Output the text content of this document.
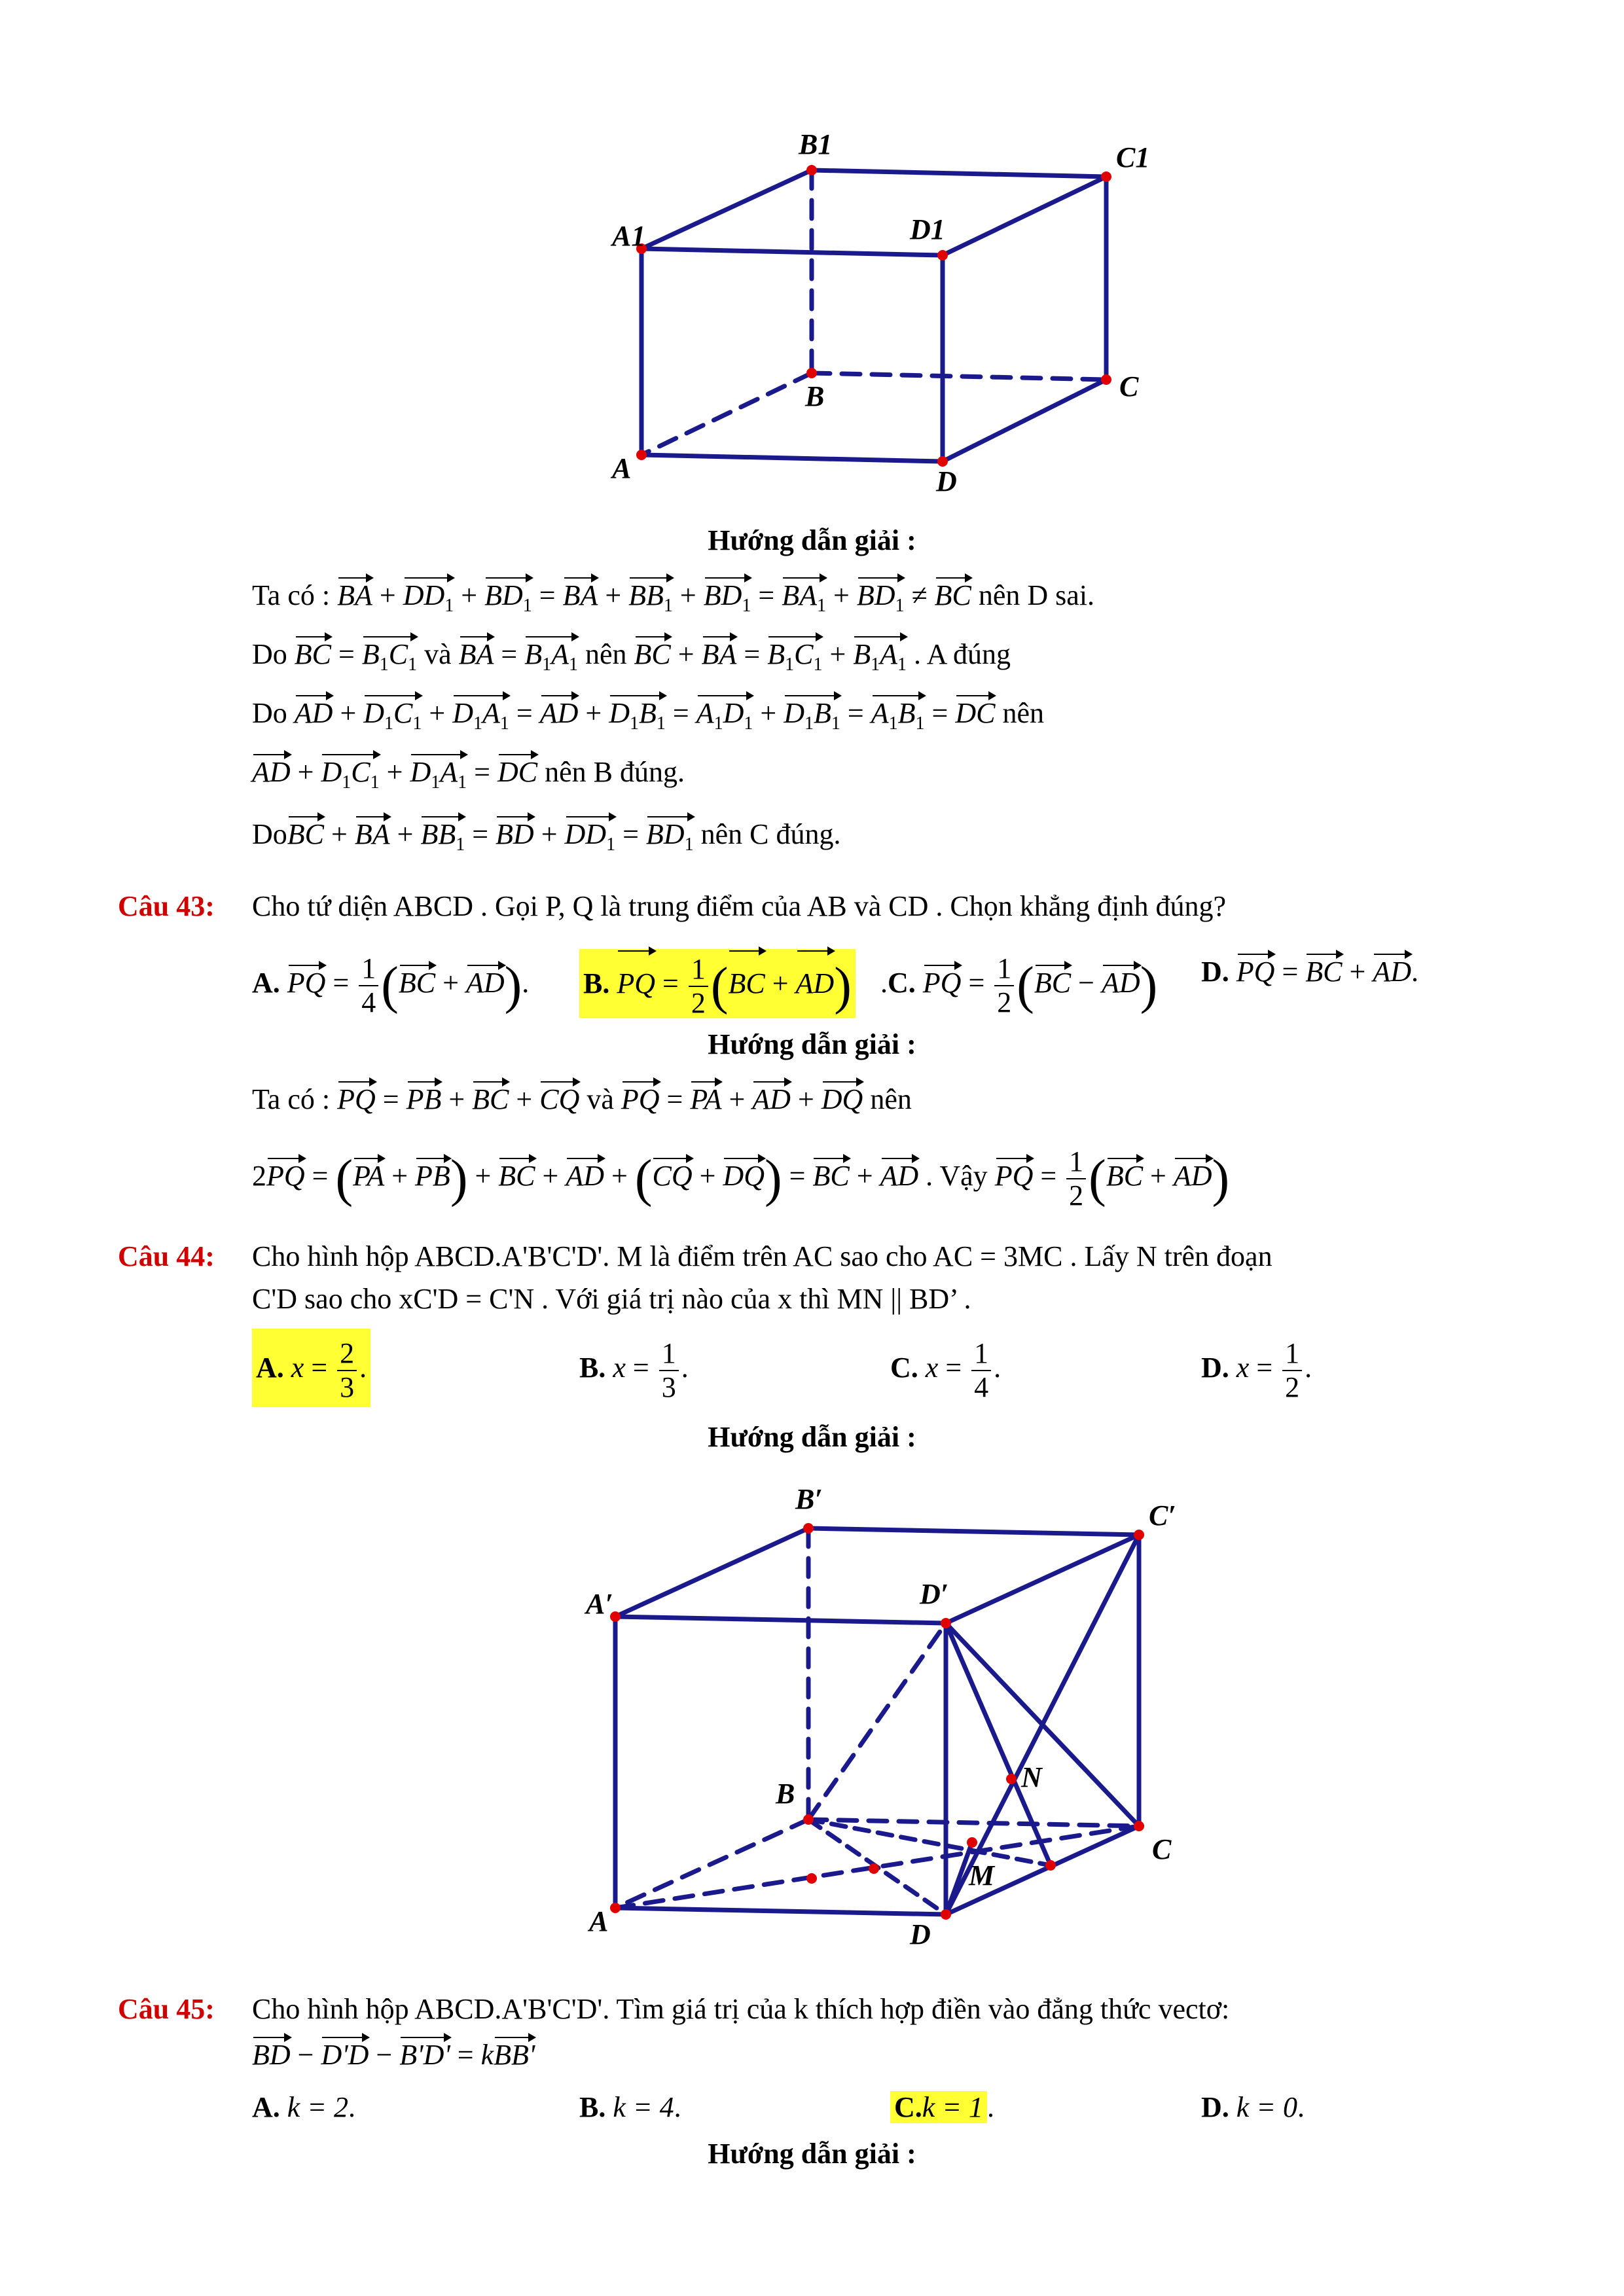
B1	C1
A1	D1
B	C
A	D
Hướng dẫn giải :
Ta có : BA + $DD_1 + BD_1$ = BA + $BB_1 + BD_1 = BA_1 + BD_1$ ≠ BC nên D sai.
Do BC = $B_1C_1$ và BA = $B_1A_1$ nên BC + BA = $B_1C_1 + B_1A_1$ . A đúng
Do AD + $D_1C_1 + D_1A_1$ = AD + $D_1B_1 = A_1D_1 + D_1B_1 = A_1B_1$ = DC nên
AD + $D_1C_1 + D_1A_1$ = DC nên B đúng.
DoBC + BA + $BB_1$ = BD + $DD_1 = BD_1$ nên C đúng.
Câu 43: Cho tứ diện ABCD . Gọi P, Q là trung điểm của AB và CD . Chọn khẳng định đúng?
A. PQ = $\frac{1}{4} (BC + AD)$. B. PQ = $\frac{1}{2} (BC + AD)$ .C. PQ = $\frac{1}{2} (BC - AD)$ D. PQ = BC + AD.
Hướng dẫn giải :
Ta có : PQ = PB + BC + CQ và PQ = PA + AD + DQ nên
2PQ = (PA + PB) + BC + AD + (CQ + DQ) = BC + AD . Vậy PQ = $\frac{1}{2} (BC + AD)$
Câu 44: Cho hình hộp ABCD.A'B'C'D'. M là điểm trên AC sao cho AC = 3MC . Lấy N trên đoạn
C'D sao cho xC'D = C'N . Với giá trị nào của x thì MN || BD’ .
A. $x = \frac{2}{3}$ .	B. $x = \frac{1}{3}$ .	C. $x = \frac{1}{4}$ .	D. $x = \frac{1}{2}$ .
Hướng dẫn giải :
B′
C′
A′	D′
B
N
C
M
A	D
Câu 45: Cho hình hộp ABCD.A'B'C'D'. Tìm giá trị của k thích hợp điền vào đẳng thức vectơ:
BD − D'D − B'D' = kBB'
A. k = 2.	B. k = 4.	C.k = 1 .	D. k = 0.
Hướng dẫn giải :
